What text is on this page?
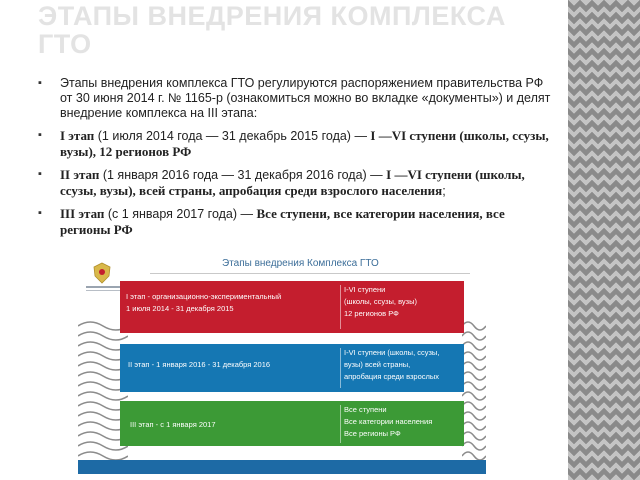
ЭТАПЫ ВНЕДРЕНИЯ КОМПЛЕКСА ГТО
▪ Этапы внедрения комплекса ГТО регулируются распоряжением правительства РФ от 30 июня 2014 г. № 1165-р (ознакомиться можно во вкладке «документы») и делят внедрение комплекса на III этапа:
▪ I этап (1 июля 2014 года — 31 декабрь 2015 года) — I —VI ступени (школы, ссузы, вузы), 12 регионов РФ
▪ II этап (1 января 2016 года — 31 декабря 2016 года) — I —VI ступени (школы, ссузы, вузы), всей страны, апробация среди взрослого населения;
▪ III этап (с 1 января 2017 года) — Все ступени, все категории населения, все регионы РФ
Этапы внедрения Комплекса ГТО
I этап - организационно-экспериментальный
1 июля 2014 - 31 декабря 2015
I-VI ступени
(школы, ссузы, вузы)
12 регионов РФ
II этап - 1 января 2016 - 31 декабря 2016
I-VI ступени (школы, ссузы,
вузы) всей страны,
апробация среди взрослых
III этап - с 1 января 2017
Все ступени
Все категории населения
Все регионы РФ
